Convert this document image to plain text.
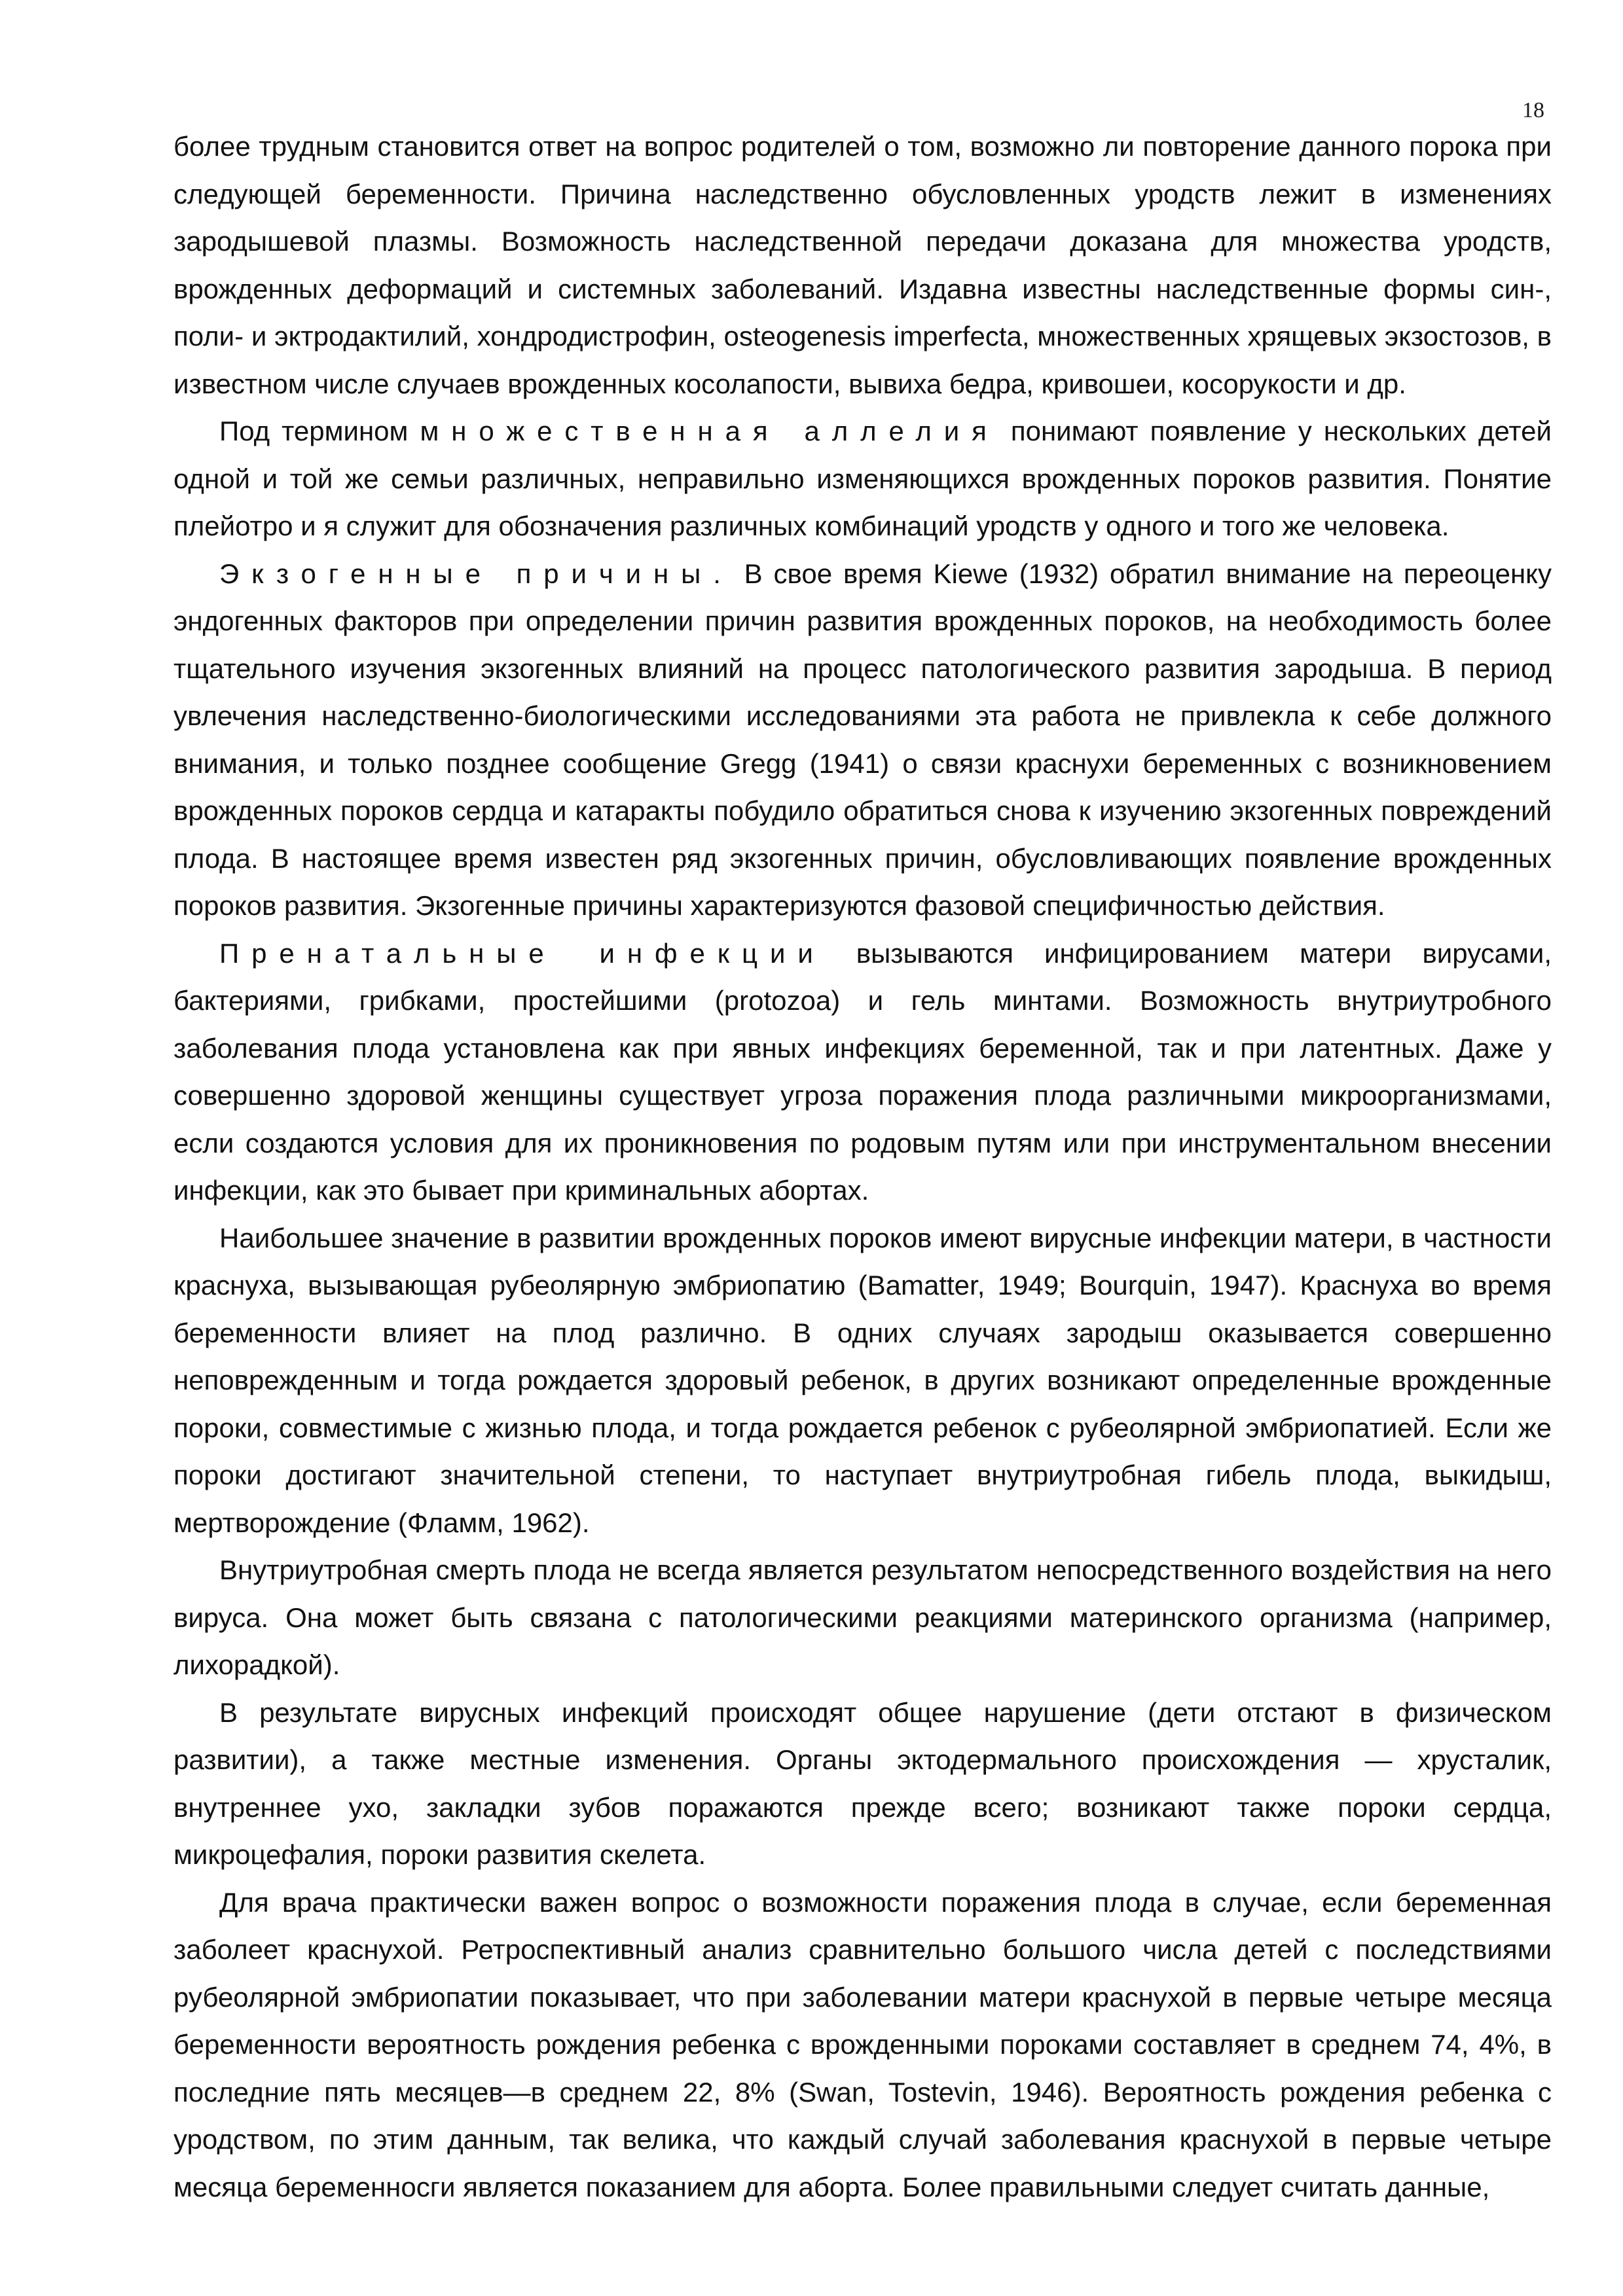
18

более трудным становится ответ на вопрос родителей о том, возможно ли повторение данного порока при следующей беременности. Причина наследственно обусловленных уродств лежит в изменениях зародышевой плазмы. Возможность наследственной передачи доказана для множества уродств, врожденных деформаций и системных заболеваний. Издавна известны наследственные формы син-, поли- и эктродактилий, хондродистрофин, osteogenesis imperfecta, множественных хрящевых экзостозов, в известном числе случаев врожденных косолапости, вывиха бедра, кривошеи, косорукости и др.

Под термином множественная аллелия понимают появление у нескольких детей одной и той же семьи различных, неправильно изменяющихся врожденных пороков развития. Понятие плейотро и я служит для обозначения различных комбинаций уродств у одного и того же человека.

Экзогенные причины. В свое время Kiewe (1932) обратил внимание на переоценку эндогенных факторов при определении причин развития врожденных пороков, на необходимость более тщательного изучения экзогенных влияний на процесс патологического развития зародыша. В период увлечения наследственно-биологическими исследованиями эта работа не привлекла к себе должного внимания, и только позднее сообщение Gregg (1941) о связи краснухи беременных с возникновением врожденных пороков сердца и катаракты побудило обратиться снова к изучению экзогенных повреждений плода. В настоящее время известен ряд экзогенных причин, обусловливающих появление врожденных пороков развития. Экзогенные причины характеризуются фазовой специфичностью действия.

Пренатальные инфекции вызываются инфицированием матери вирусами, бактериями, грибками, простейшими (protozoa) и гель минтами. Возможность внутриутробного заболевания плода установлена как при явных инфекциях беременной, так и при латентных. Даже у совершенно здоровой женщины существует угроза поражения плода различными микроорганизмами, если создаются условия для их проникновения по родовым путям или при инструментальном внесении инфекции, как это бывает при криминальных абортах.

Наибольшее значение в развитии врожденных пороков имеют вирусные инфекции матери, в частности краснуха, вызывающая рубеолярную эмбриопатию (Bamatter, 1949; Bourquin, 1947). Краснуха во время беременности влияет на плод различно. В одних случаях зародыш оказывается совершенно неповрежденным и тогда рождается здоровый ребенок, в других возникают определенные врожденные пороки, совместимые с жизнью плода, и тогда рождается ребенок с рубеолярной эмбриопатией. Если же пороки достигают значительной степени, то наступает внутриутробная гибель плода, выкидыш, мертворождение (Фламм, 1962).

Внутриутробная смерть плода не всегда является результатом непосредственного воздействия на него вируса. Она может быть связана с патологическими реакциями материнского организма (например, лихорадкой).

В результате вирусных инфекций происходят общее нарушение (дети отстают в физическом развитии), а также местные изменения. Органы эктодермального происхождения — хрусталик, внутреннее ухо, закладки зубов поражаются прежде всего; возникают также пороки сердца, микроцефалия, пороки развития скелета.

Для врача практически важен вопрос о возможности поражения плода в случае, если беременная заболеет краснухой. Ретроспективный анализ сравнительно большого числа детей с последствиями рубеолярной эмбриопатии показывает, что при заболевании матери краснухой в первые четыре месяца беременности вероятность рождения ребенка с врожденными пороками составляет в среднем 74, 4%, в последние пять месяцев—в среднем 22, 8% (Swan, Tostevin, 1946). Вероятность рождения ребенка с уродством, по этим данным, так велика, что каждый случай заболевания краснухой в первые четыре месяца беременносги является показанием для аборта. Более правильными следует считать данные,
